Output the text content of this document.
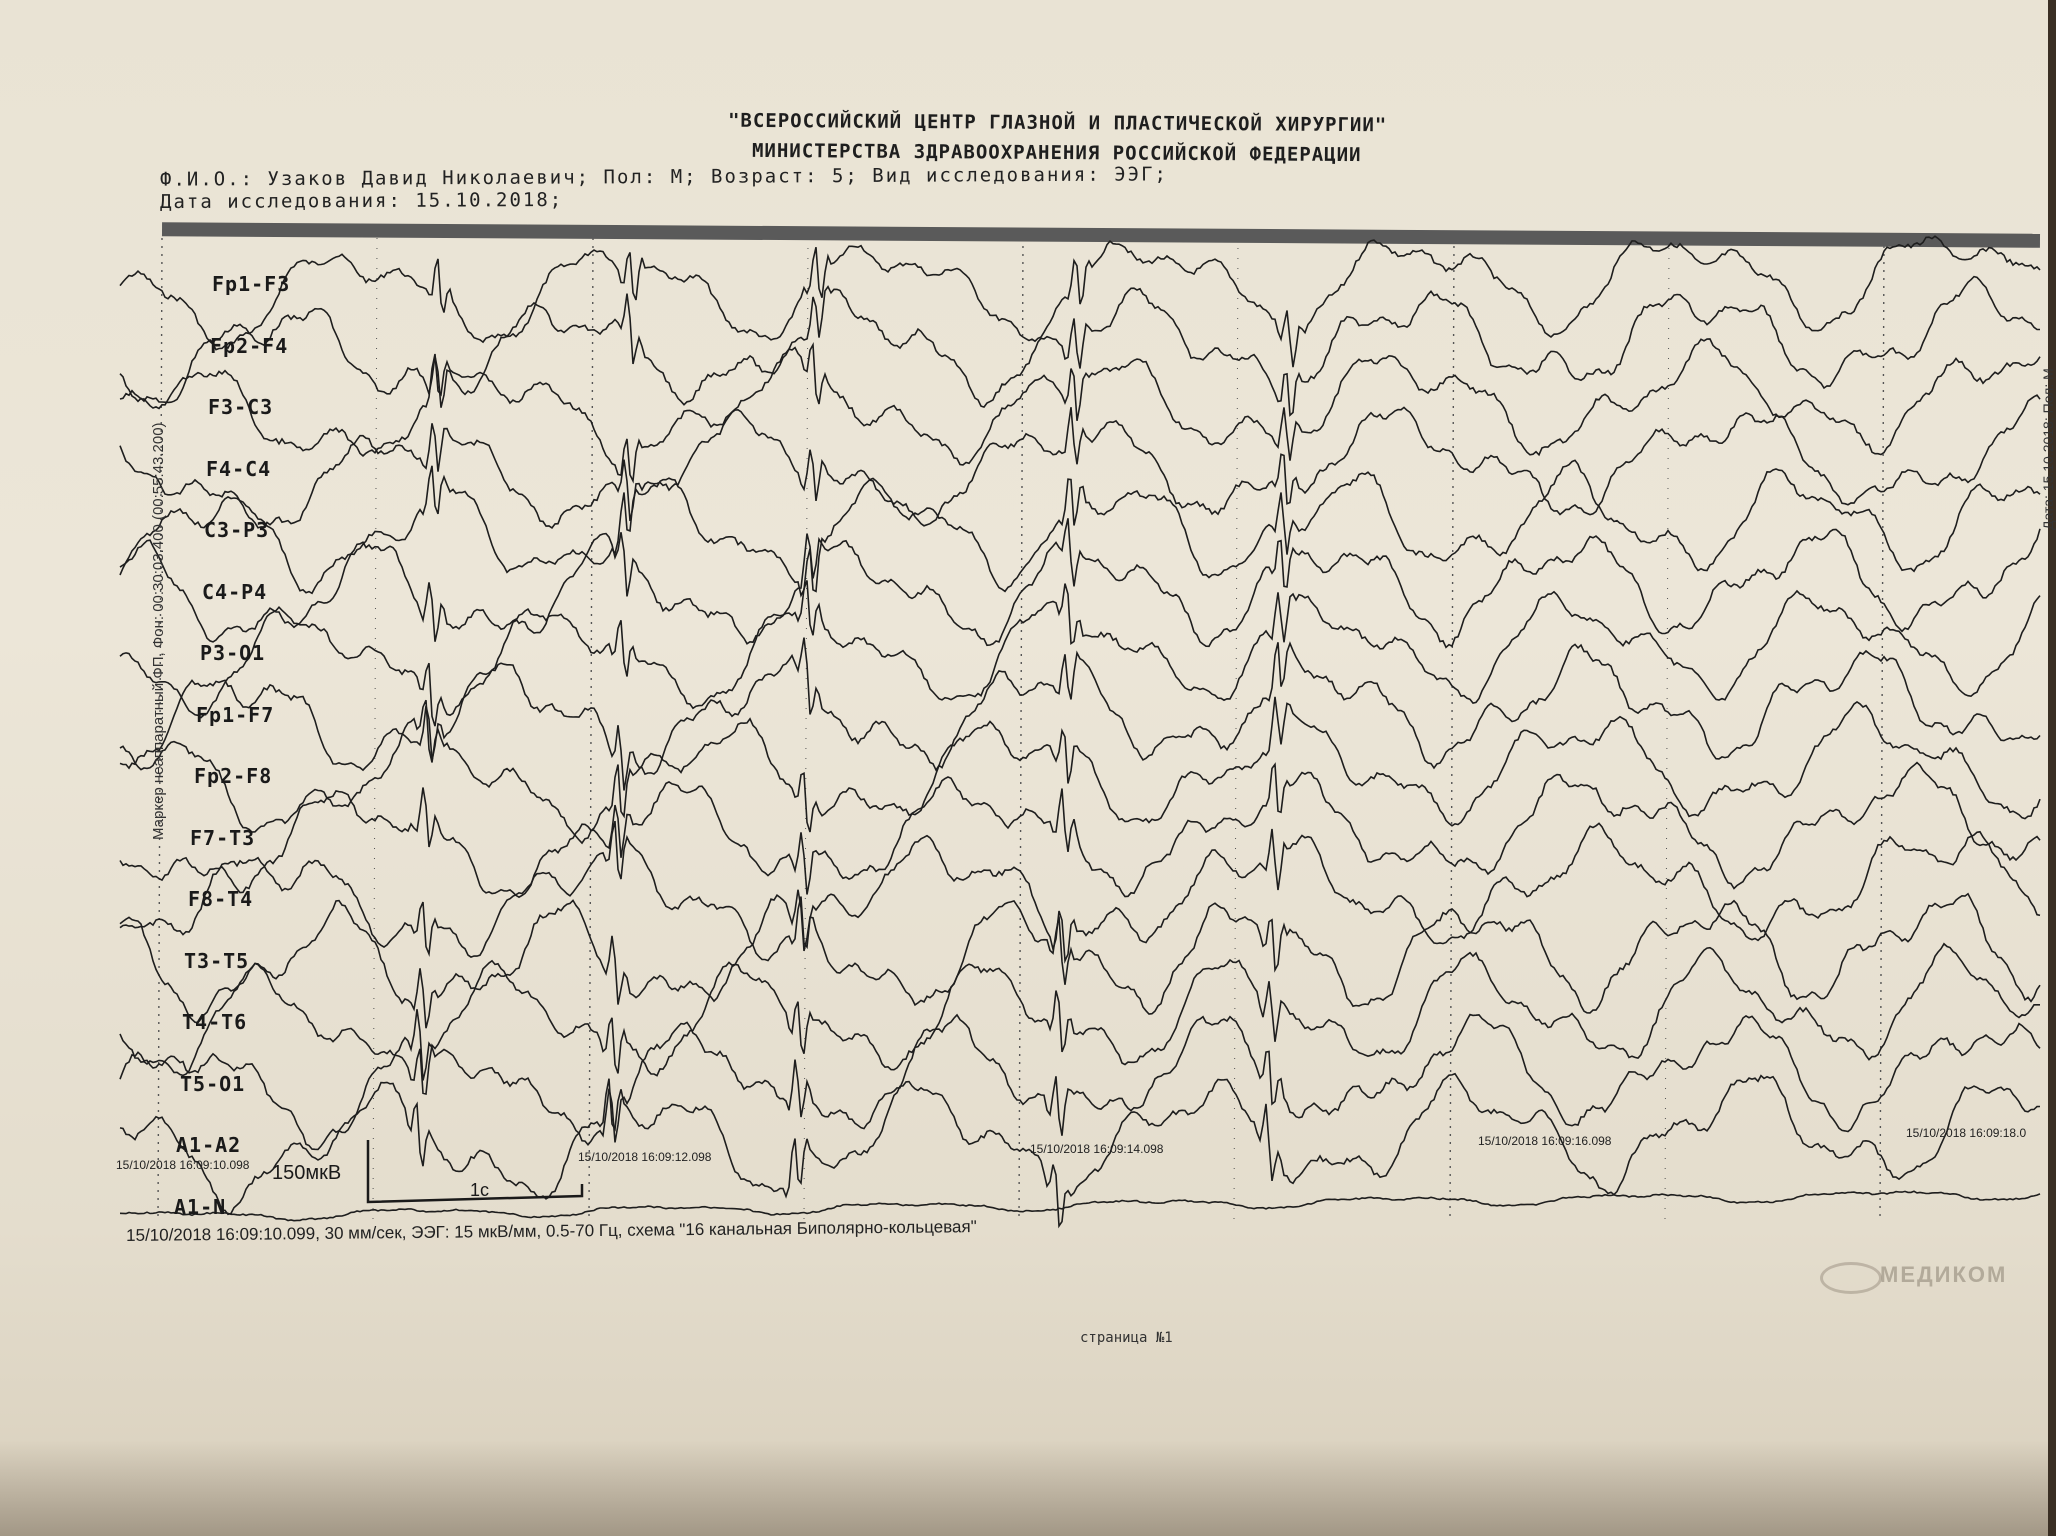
"ВСЕРОССИЙСКИЙ ЦЕНТР ГЛАЗНОЙ И ПЛАСТИЧЕСКОЙ ХИРУРГИИ"
МИНИСТЕРСТВА ЗДРАВООХРАНЕНИЯ РОССИЙСКОЙ ФЕДЕРАЦИИ
Ф.И.О.: Узаков Давид Николаевич; Пол: М; Возраст: 5; Вид исследования: ЭЭГ;
Дата исследования: 15.10.2018;
Fp1-F3
Fp2-F4
F3-C3
F4-C4
C3-P3
C4-P4
P3-O1
Fp1-F7
Fp2-F8
F7-T3
F8-T4
T3-T5
T4-T6
T5-O1
A1-A2
A1-N
15/10/2018 16:09:10.098
15/10/2018 16:09:12.098
15/10/2018 16:09:14.098
15/10/2018 16:09:16.098
15/10/2018 16:09:18.0
150мкВ
1с
Маркер неаппаратный ФП, Фон: 00:30:03.400 (00:55:43.200)	Дата: 15.10.2018; Пол: М
15/10/2018 16:09:10.099, 30 мм/сек, ЭЭГ: 15 мкВ/мм, 0.5-70 Гц, схема "16 канальная Биполярно-кольцевая"
страница №1
МЕДИКОМ
